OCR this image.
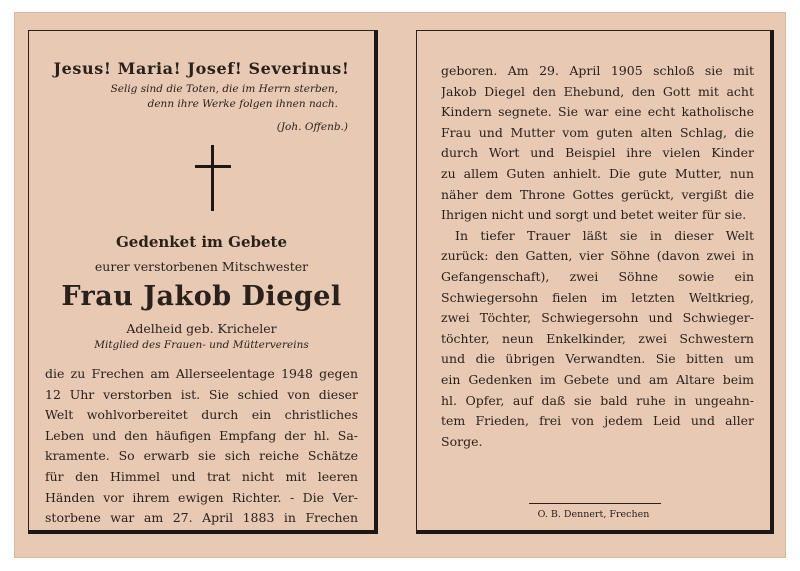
Jesus! Maria! Josef! Severinus!
Selig sind die Toten, die im Herrn sterben,
denn ihre Werke folgen ihnen nach.
(Joh. Offenb.)
Gedenket im Gebete
eurer verstorbenen Mitschwester
Frau Jakob Diegel
Adelheid geb. Kricheler
Mitglied des Frauen- und Müttervereins
die zu Frechen am Allerseelentage 1948 gegen
12 Uhr verstorben ist. Sie schied von dieser
Welt wohlvorbereitet durch ein christliches
Leben und den häufigen Empfang der hl. Sa-
kramente. So erwarb sie sich reiche Schätze
für den Himmel und trat nicht mit leeren
Händen vor ihrem ewigen Richter. - Die Ver-
storbene war am 27. April 1883 in Frechen
geboren. Am 29. April 1905 schloß sie mit
Jakob Diegel den Ehebund, den Gott mit acht
Kindern segnete. Sie war eine echt katholische
Frau und Mutter vom guten alten Schlag, die
durch Wort und Beispiel ihre vielen Kinder
zu allem Guten anhielt. Die gute Mutter, nun
näher dem Throne Gottes gerückt, vergißt die
Ihrigen nicht und sorgt und betet weiter für sie.
In tiefer Trauer läßt sie in dieser Welt
zurück: den Gatten, vier Söhne (davon zwei in
Gefangenschaft), zwei Söhne sowie ein
Schwiegersohn fielen im letzten Weltkrieg,
zwei Töchter, Schwiegersohn und Schwieger-
töchter, neun Enkelkinder, zwei Schwestern
und die übrigen Verwandten. Sie bitten um
ein Gedenken im Gebete und am Altare beim
hl. Opfer, auf daß sie bald ruhe in ungeahn-
tem Frieden, frei von jedem Leid und aller
Sorge.
O. B. Dennert, Frechen
